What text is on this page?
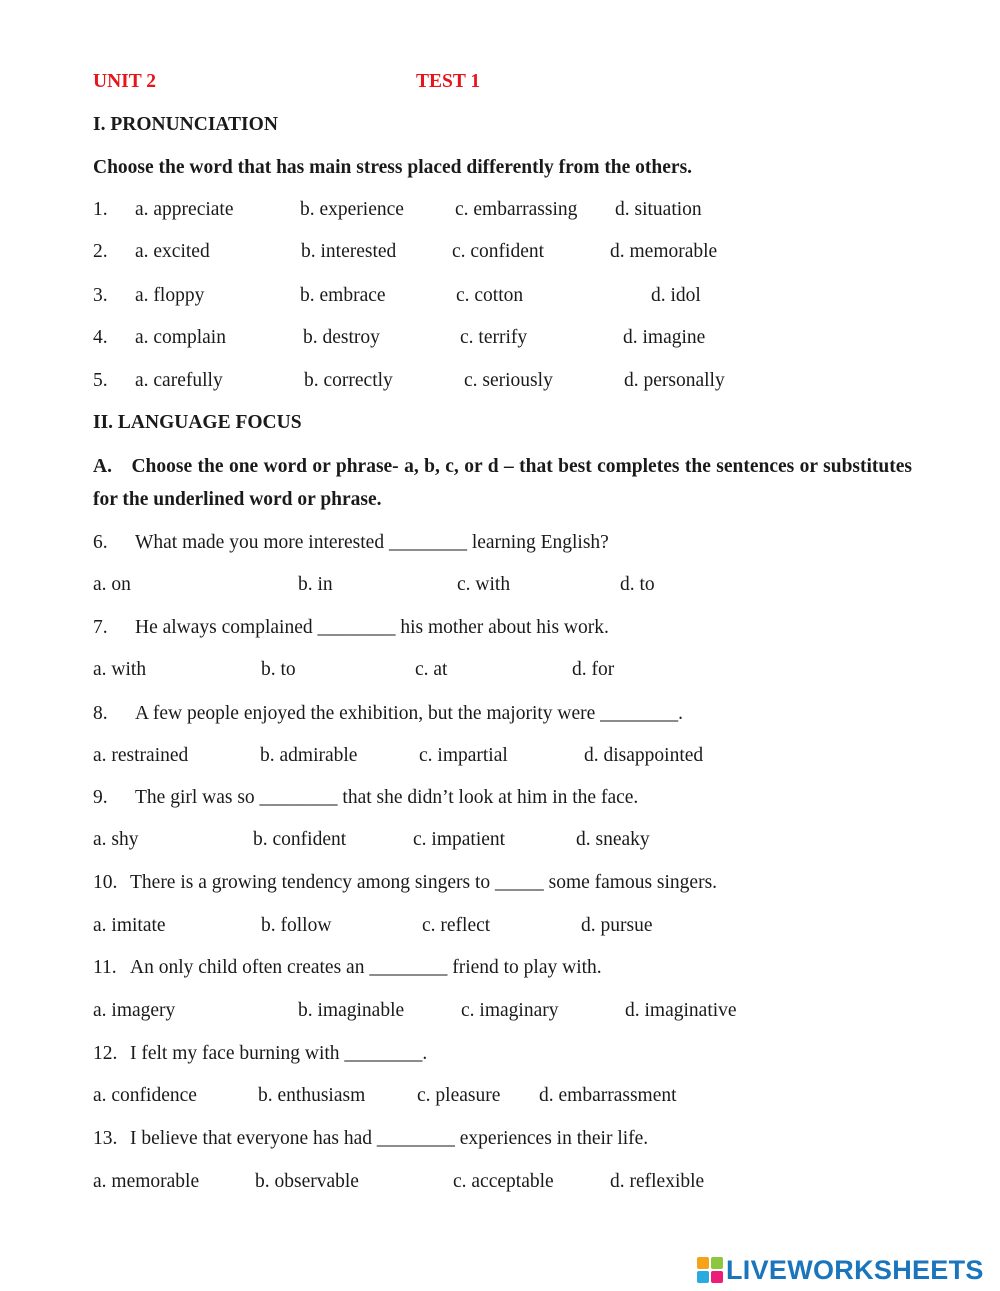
UNIT 2	TEST 1
I. PRONUNCIATION
Choose the word that has main stress placed differently from the others.
1. a. appreciate	b. experience	c. embarrassing d. situation
2. a. excited	b. interested	c. confident	d. memorable
3. a. floppy	b. embrace	c. cotton	d. idol
4. a. complain	b. destroy	c. terrify	d. imagine
5. a. carefully	b. correctly	c. seriously	d. personally
II. LANGUAGE FOCUS
A. Choose the one word or phrase- a, b, c, or d – that best completes the sentences or substitutes for the underlined word or phrase.
6. What made you more interested ________ learning English?
a. on	b. in	c. with	d. to
7. He always complained ________ his mother about his work.
a. with	b. to	c. at	d. for
8. A few people enjoyed the exhibition, but the majority were ________.
a. restrained	b. admirable	c. impartial	d. disappointed
9. The girl was so ________ that she didn’t look at him in the face.
a. shy	b. confident	c. impatient	d. sneaky
10. There is a growing tendency among singers to _____ some famous singers.
a. imitate	b. follow	c. reflect	d. pursue
11. An only child often creates an ________ friend to play with.
a. imagery	b. imaginable	c. imaginary	d. imaginative
12. I felt my face burning with ________.
a. confidence	b. enthusiasm	c. pleasure d. embarrassment
13. I believe that everyone has had ________ experiences in their life.
a. memorable	b. observable	c. acceptable	d. reflexible
LIVEWORKSHEETS
